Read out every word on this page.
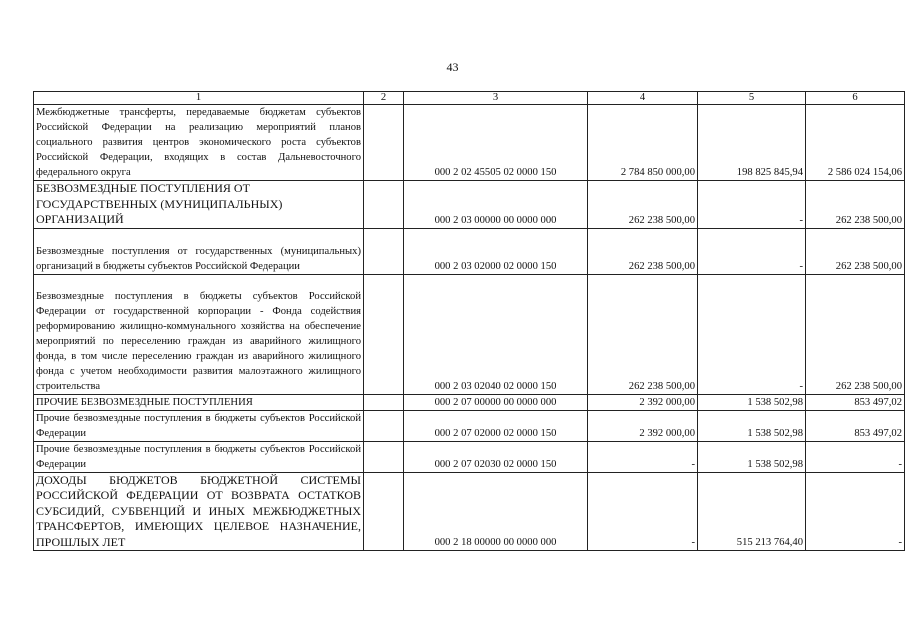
43
1	2	3	4	5	6
Межбюджетные трансферты, передаваемые бюджетам субъектов Российской Федерации на реализацию мероприятий планов социального развития центров экономического роста субъектов Российской Федерации, входящих в состав Дальневосточного федерального округа		000 2 02 45505 02 0000 150	2 784 850 000,00	198 825 845,94	2 586 024 154,06
БЕЗВОЗМЕЗДНЫЕ ПОСТУПЛЕНИЯ ОТ ГОСУДАРСТВЕННЫХ (МУНИЦИПАЛЬНЫХ) ОРГАНИЗАЦИЙ		000 2 03 00000 00 0000 000	262 238 500,00	-	262 238 500,00
Безвозмездные поступления от государственных (муниципальных) организаций в бюджеты субъектов Российской Федерации		000 2 03 02000 02 0000 150	262 238 500,00	-	262 238 500,00
Безвозмездные поступления в бюджеты субъектов Российской Федерации от государственной корпорации - Фонда содействия реформированию жилищно-коммунального хозяйства на обеспечение мероприятий по переселению граждан из аварийного жилищного фонда, в том числе переселению граждан из аварийного жилищного фонда с учетом необходимости развития малоэтажного жилищного строительства		000 2 03 02040 02 0000 150	262 238 500,00	-	262 238 500,00
ПРОЧИЕ БЕЗВОЗМЕЗДНЫЕ ПОСТУПЛЕНИЯ		000 2 07 00000 00 0000 000	2 392 000,00	1 538 502,98	853 497,02
Прочие безвозмездные поступления в бюджеты субъектов Российской Федерации		000 2 07 02000 02 0000 150	2 392 000,00	1 538 502,98	853 497,02
Прочие безвозмездные поступления в бюджеты субъектов Российской Федерации		000 2 07 02030 02 0000 150	-	1 538 502,98	-
ДОХОДЫ БЮДЖЕТОВ БЮДЖЕТНОЙ СИСТЕМЫ РОССИЙСКОЙ ФЕДЕРАЦИИ ОТ ВОЗВРАТА ОСТАТКОВ СУБСИДИЙ, СУБВЕНЦИЙ И ИНЫХ МЕЖБЮДЖЕТНЫХ ТРАНСФЕРТОВ, ИМЕЮЩИХ ЦЕЛЕВОЕ НАЗНАЧЕНИЕ, ПРОШЛЫХ ЛЕТ		000 2 18 00000 00 0000 000	-	515 213 764,40	-
